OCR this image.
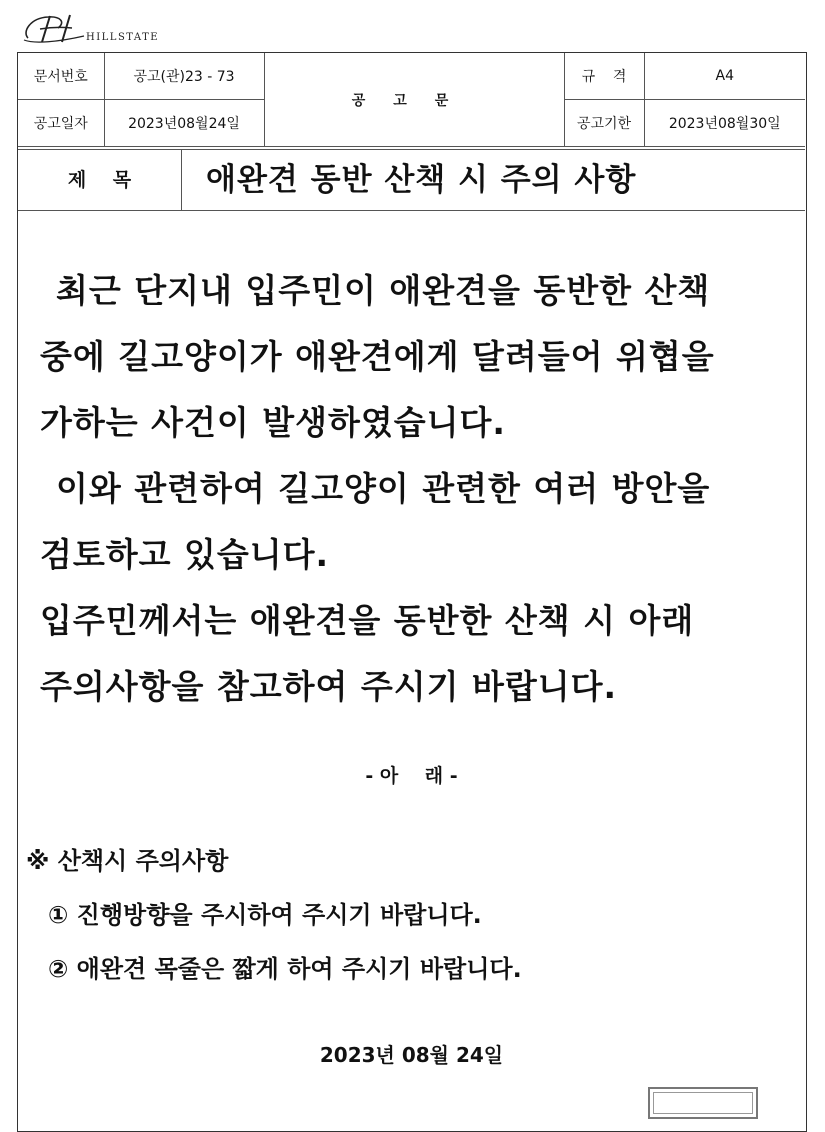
HILLSTATE
문서번호	공고(관)23 - 73	공고문	규    격	A4
공고일자	2023년08월24일		공고기한	2023년08월30일
제    목	애완견 동반 산책 시 주의 사항
최근 단지내 입주민이 애완견을 동반한 산책
중에 길고양이가 애완견에게 달려들어 위협을
가하는 사건이 발생하였습니다.
이와 관련하여 길고양이 관련한 여러 방안을
검토하고 있습니다.
입주민께서는 애완견을 동반한 산책 시 아래
주의사항을 참고하여 주시기 바랍니다.
- 아    래 -
※ 산책시 주의사항
① 진행방향을 주시하여 주시기 바랍니다.
② 애완견 목줄은 짧게 하여 주시기 바랍니다.
2023년 08월 24일
